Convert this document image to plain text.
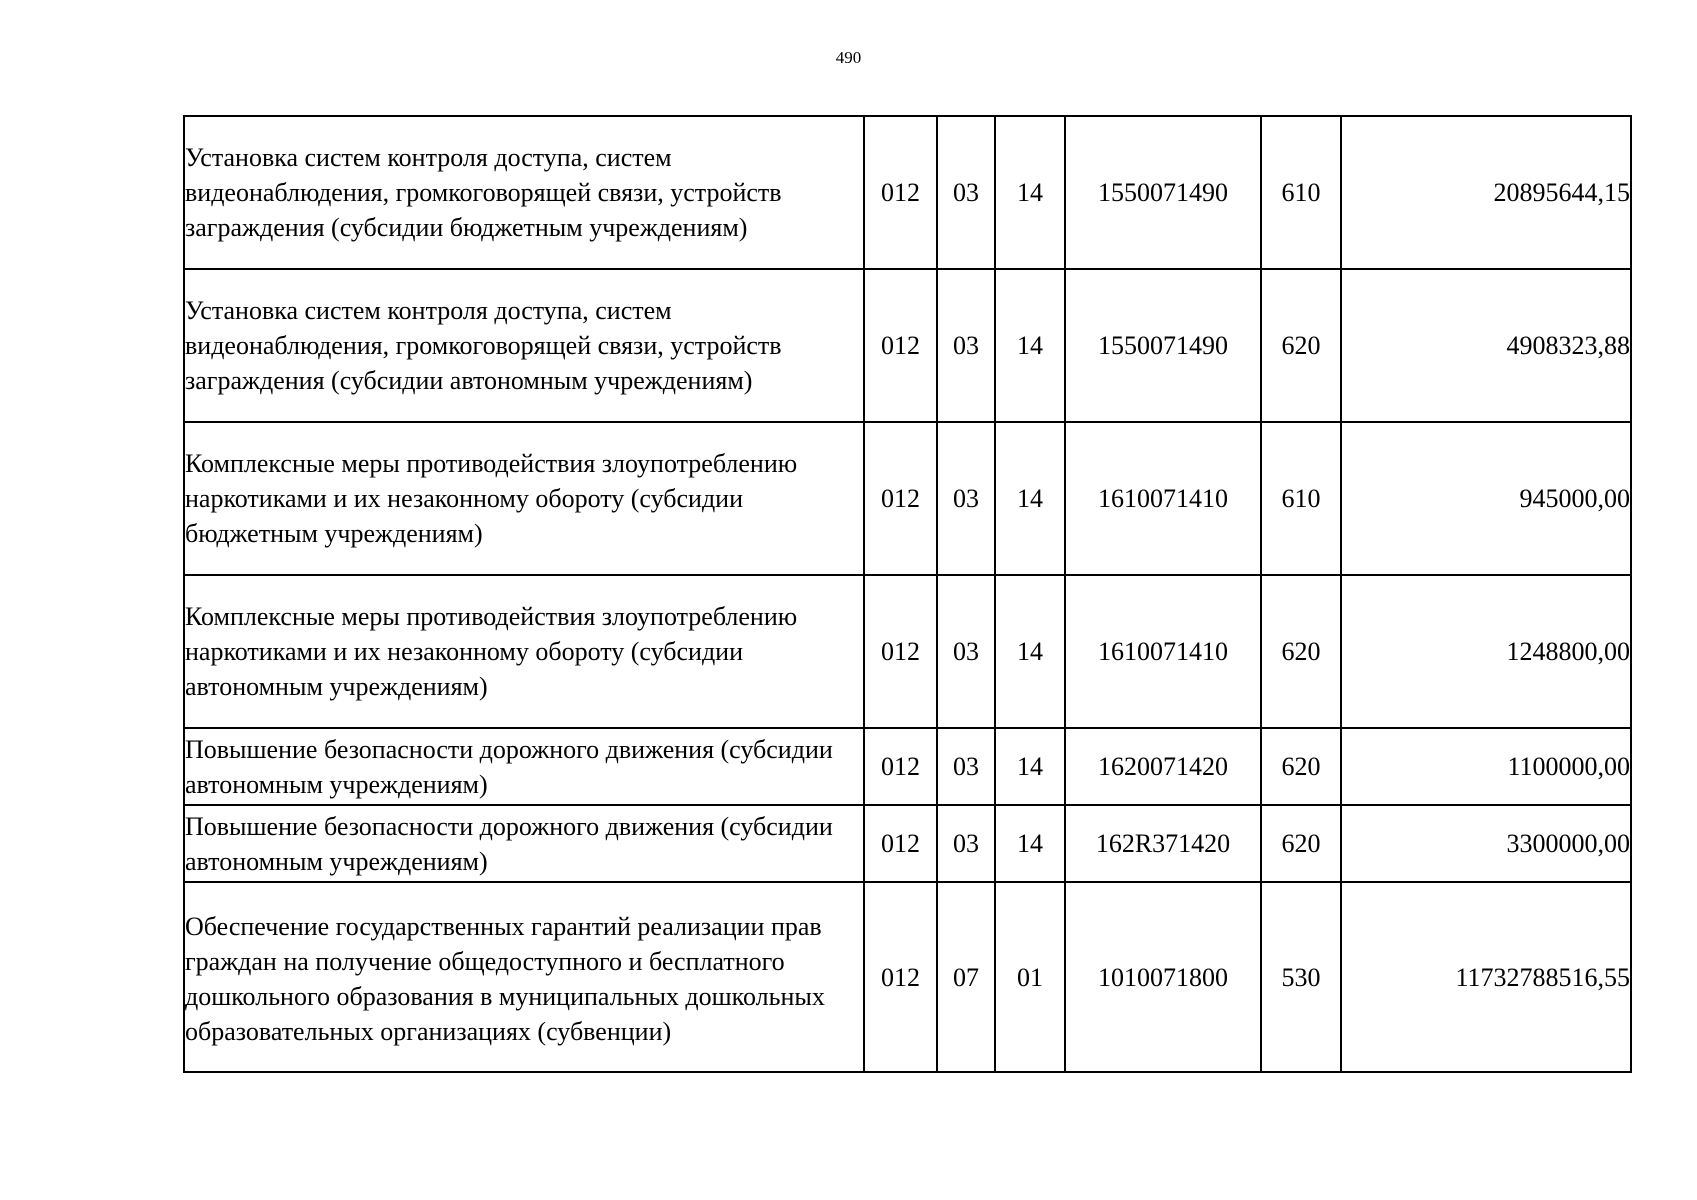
490
Установка систем контроля доступа, систем видеонаблюдения, громкоговорящей связи, устройств заграждения (субсидии бюджетным учреждениям)	012	03	14	1550071490	610	20895644,15
Установка систем контроля доступа, систем видеонаблюдения, громкоговорящей связи, устройств заграждения (субсидии автономным учреждениям)	012	03	14	1550071490	620	4908323,88
Комплексные меры противодействия злоупотреблению наркотиками и их незаконному обороту (субсидии бюджетным учреждениям)	012	03	14	1610071410	610	945000,00
Комплексные меры противодействия злоупотреблению наркотиками и их незаконному обороту (субсидии автономным учреждениям)	012	03	14	1610071410	620	1248800,00
Повышение безопасности дорожного движения (субсидии автономным учреждениям)	012	03	14	1620071420	620	1100000,00
Повышение безопасности дорожного движения (субсидии автономным учреждениям)	012	03	14	162R371420	620	3300000,00
Обеспечение государственных гарантий реализации прав граждан на получение общедоступного и бесплатного дошкольного образования в муниципальных дошкольных образовательных организациях (субвенции)	012	07	01	1010071800	530	11732788516,55
